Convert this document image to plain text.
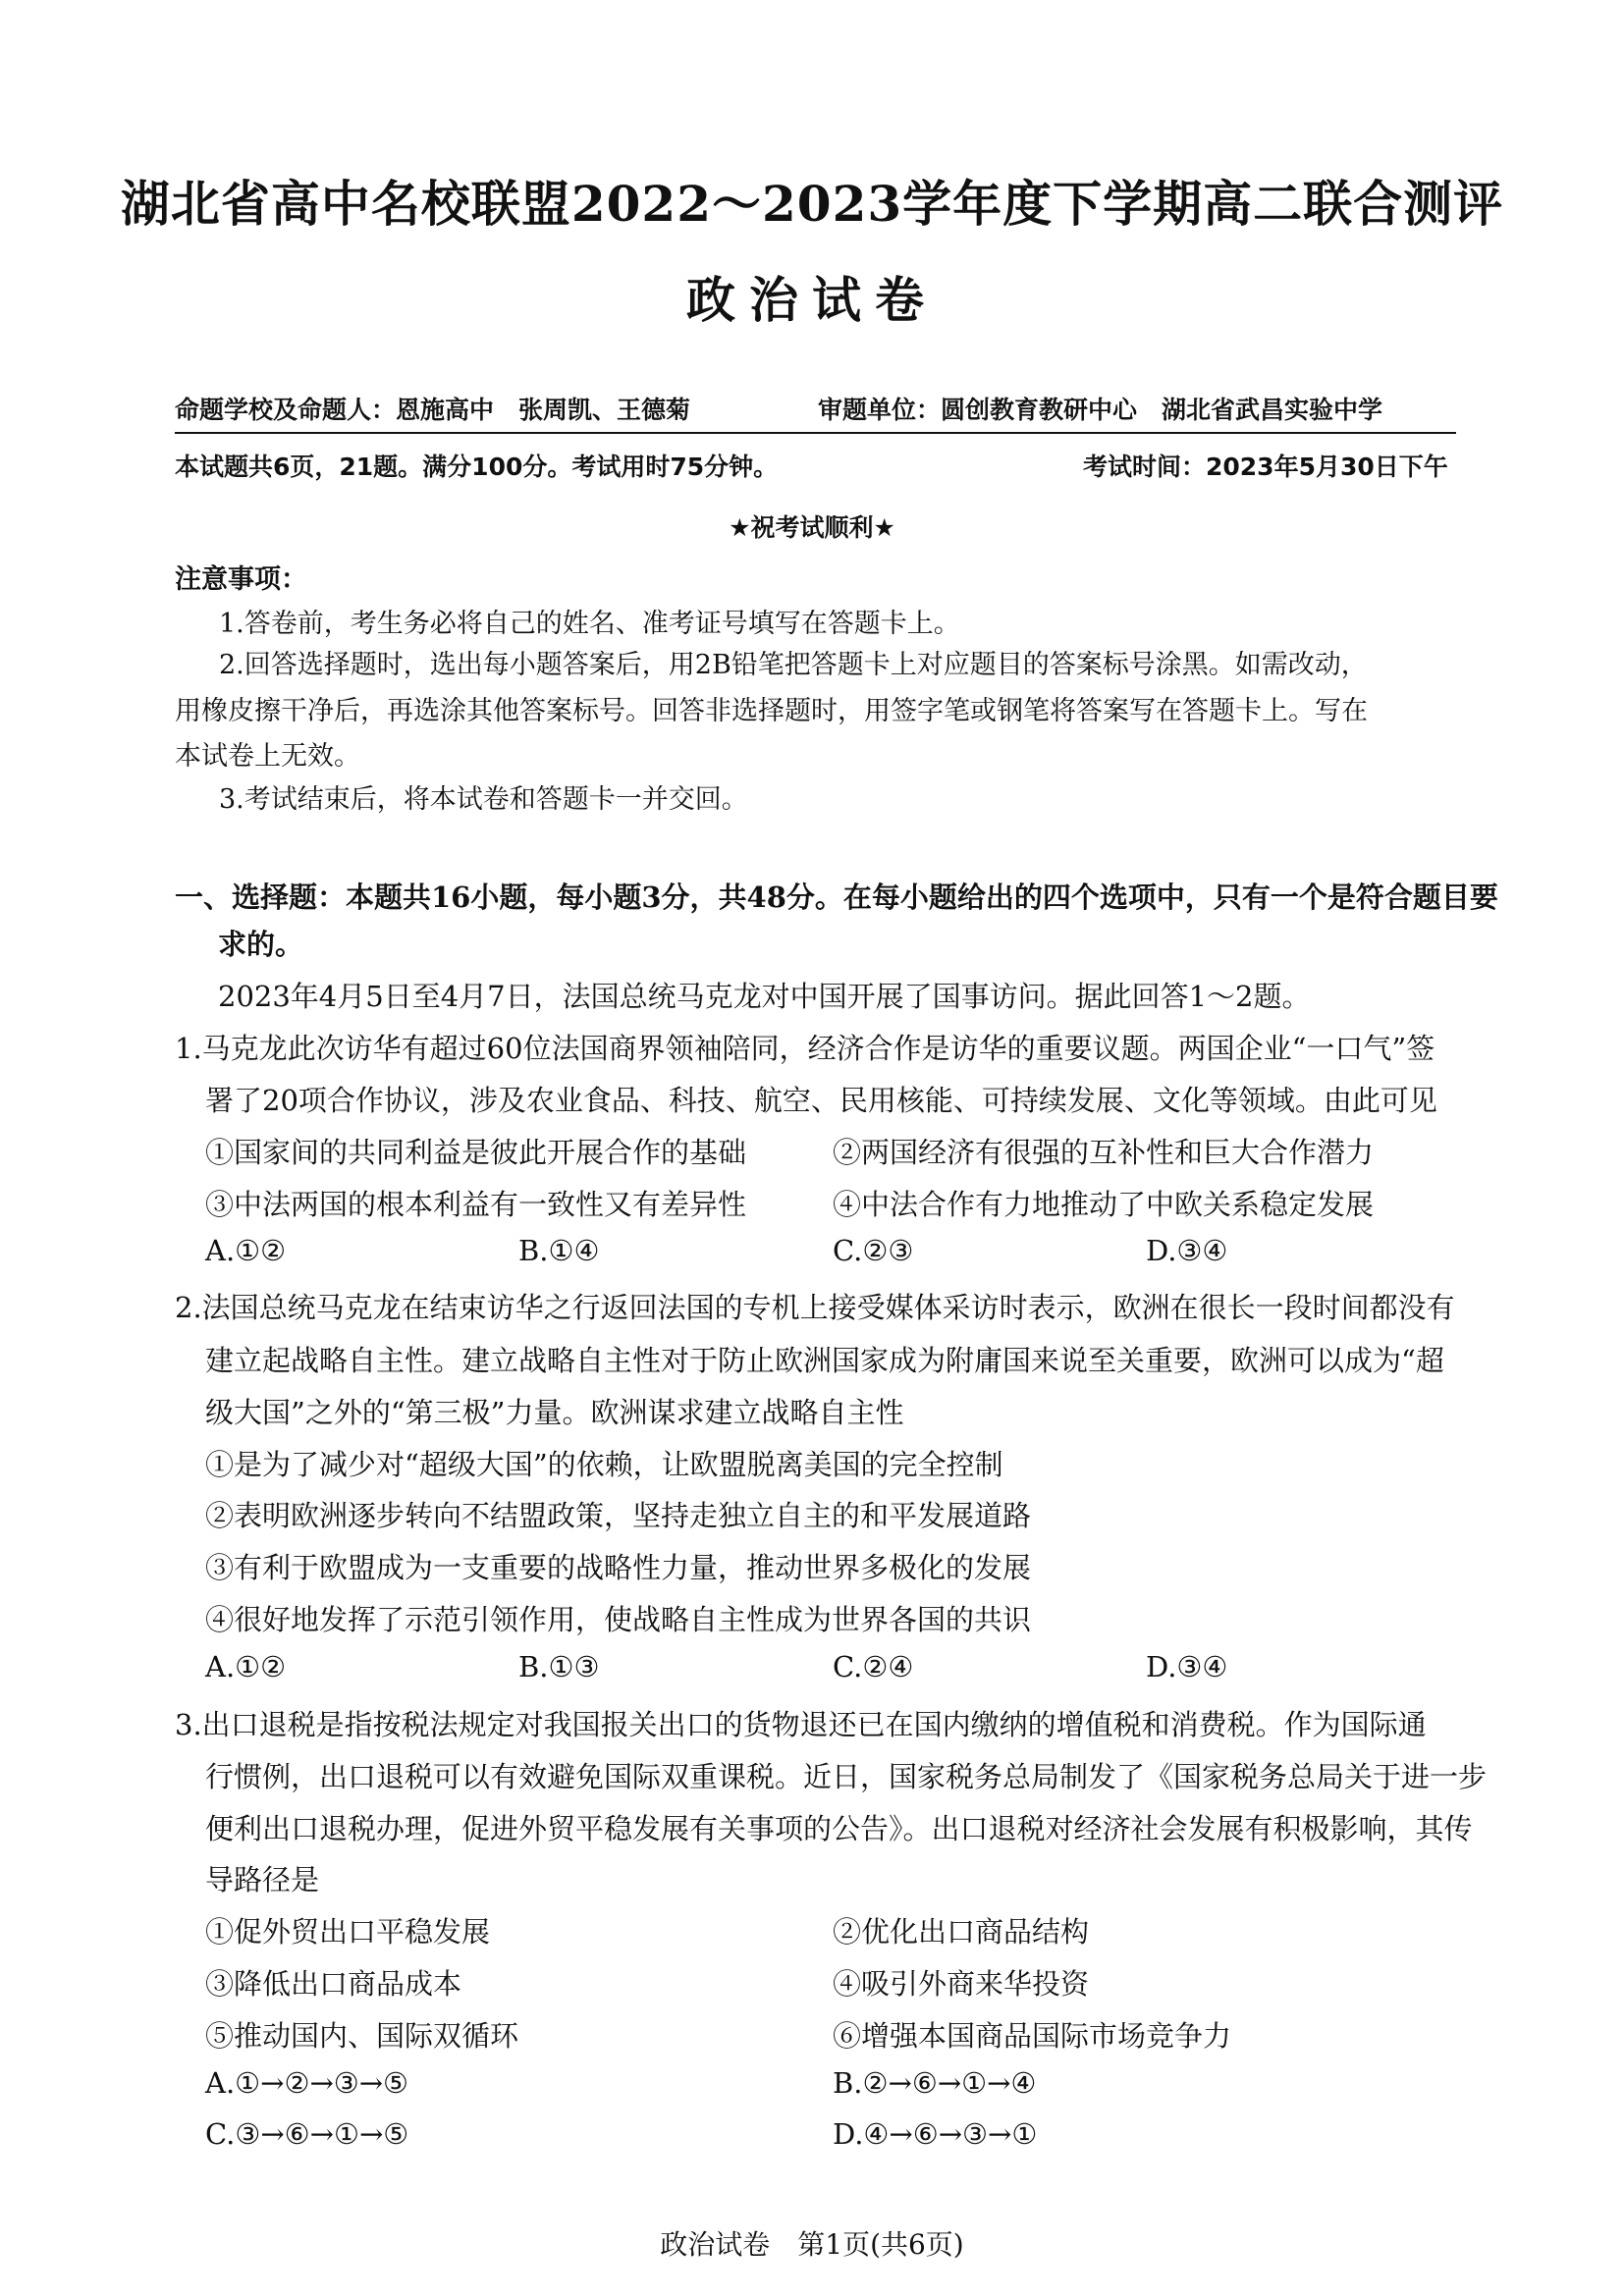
湖北省高中名校联盟2022～2023学年度下学期高二联合测评
政治试卷
命题学校及命题人：恩施高中　张周凯、王德菊	审题单位：圆创教育教研中心　湖北省武昌实验中学
本试题共6页，21题。满分100分。考试用时75分钟。	考试时间：2023年5月30日下午
★祝考试顺利★
注意事项：
1.答卷前，考生务必将自己的姓名、准考证号填写在答题卡上。
2.回答选择题时，选出每小题答案后，用2B铅笔把答题卡上对应题目的答案标号涂黑。如需改动，
用橡皮擦干净后，再选涂其他答案标号。回答非选择题时，用签字笔或钢笔将答案写在答题卡上。写在
本试卷上无效。
3.考试结束后，将本试卷和答题卡一并交回。
一、选择题：本题共16小题，每小题3分，共48分。在每小题给出的四个选项中，只有一个是符合题目要
求的。
2023年4月5日至4月7日，法国总统马克龙对中国开展了国事访问。据此回答1～2题。
1.马克龙此次访华有超过60位法国商界领袖陪同，经济合作是访华的重要议题。两国企业“一口气”签
署了20项合作协议，涉及农业食品、科技、航空、民用核能、可持续发展、文化等领域。由此可见
①国家间的共同利益是彼此开展合作的基础	②两国经济有很强的互补性和巨大合作潜力
③中法两国的根本利益有一致性又有差异性	④中法合作有力地推动了中欧关系稳定发展
A.①②	B.①④	C.②③	D.③④
2.法国总统马克龙在结束访华之行返回法国的专机上接受媒体采访时表示，欧洲在很长一段时间都没有
建立起战略自主性。建立战略自主性对于防止欧洲国家成为附庸国来说至关重要，欧洲可以成为“超
级大国”之外的“第三极”力量。欧洲谋求建立战略自主性
①是为了减少对“超级大国”的依赖，让欧盟脱离美国的完全控制
②表明欧洲逐步转向不结盟政策，坚持走独立自主的和平发展道路
③有利于欧盟成为一支重要的战略性力量，推动世界多极化的发展
④很好地发挥了示范引领作用，使战略自主性成为世界各国的共识
A.①②	B.①③	C.②④	D.③④
3.出口退税是指按税法规定对我国报关出口的货物退还已在国内缴纳的增值税和消费税。作为国际通
行惯例，出口退税可以有效避免国际双重课税。近日，国家税务总局制发了《国家税务总局关于进一步
便利出口退税办理，促进外贸平稳发展有关事项的公告》。出口退税对经济社会发展有积极影响，其传
导路径是
①促外贸出口平稳发展	②优化出口商品结构
③降低出口商品成本	④吸引外商来华投资
⑤推动国内、国际双循环	⑥增强本国商品国际市场竞争力
A.①→②→③→⑤	B.②→⑥→①→④
C.③→⑥→①→⑤	D.④→⑥→③→①
政治试卷　第1页(共6页)
